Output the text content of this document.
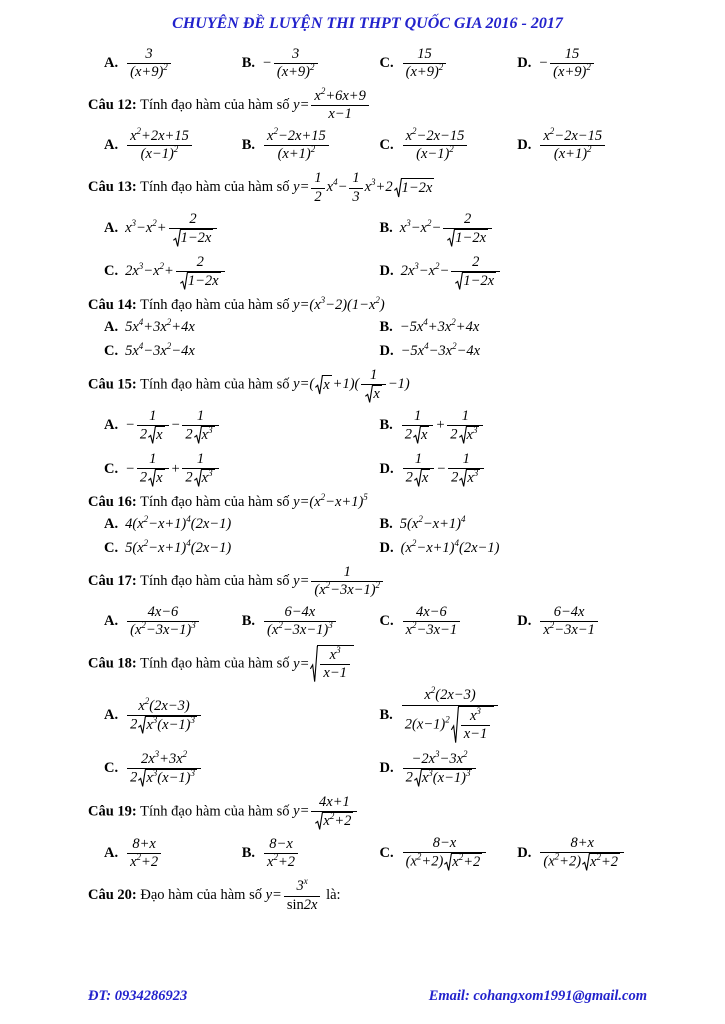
CHUYÊN ĐỀ LUYỆN THI THPT QUỐC GIA 2016 - 2017
A. $\frac{3}{(x+9)^2}$	B. − $\frac{3}{(x+9)^2}$	C. $\frac{15}{(x+9)^2}$	D. − $\frac{15}{(x+9)^2}$
Câu 12: Tính đạo hàm của hàm số $y= \frac{x^2+6x+9}{x-1}$
A. $\frac{x^2+2x+15}{(x-1)^2}$	B. $\frac{x^2-2x+15}{(x+1)^2}$	C. $\frac{x^2-2x-15}{(x-1)^2}$	D. $\frac{x^2-2x-15}{(x+1)^2}$
Câu 13: Tính đạo hàm của hàm số $y= \frac{1}{2} x^4- \frac{1}{3} x^3+2$ 1−2x
A. $x^3-x^2+ \frac{2}{1-2x}$	B. $x^3-x^2- \frac{2}{1-2x}$
C. $2x^3-x^2+ \frac{2}{1-2x}$	D. $2x^3-x^2- \frac{2}{1-2x}$
Câu 14: Tính đạo hàm của hàm số $y=(x^3-2)(1-x^2)$
A. $5x^4+3x^2+4x$	B. $-5x^4+3x^2+4x$
C. $5x^4-3x^2-4x$	D. $-5x^4-3x^2-4x$
Câu 15: Tính đạo hàm của hàm số y=( $x +1)( \frac{1}{x} -1)$
A. − $\frac{1}{2 x} - \frac{1}{2 x^3}$	B. $\frac{1}{2 x} + \frac{1}{2 x^3}$
C. − $\frac{1}{2 x} + \frac{1}{2 x^3}$	D. $\frac{1}{2 x} - \frac{1}{2 x^3}$
Câu 16: Tính đạo hàm của hàm số $y=(x^2-x+1)^5$
A. $4(x^2-x+1)^4(2x-1)$	B. $5(x^2-x+1)^4$
C. $5(x^2-x+1)^4(2x-1)$	D. $(x^2-x+1)^4(2x-1)$
Câu 17: Tính đạo hàm của hàm số $y= \frac{1}{(x^2-3x-1)^2}$
A. $\frac{4x-6}{(x^2-3x-1)^3}$	B. $\frac{6-4x}{(x^2-3x-1)^3}$	C. $\frac{4x-6}{x^2-3x-1}$	D. $\frac{6-4x}{x^2-3x-1}$
Câu 18: Tính đạo hàm của hàm số $y= \frac{x^3}{x-1}$
A. $\frac{x^2(2x-3)}{2 x^3(x-1)^3}$	B. $\frac{x^2(2x-3)}{2(x-1)^2 \frac{x^3}{x-1}}$
C. $\frac{2x^3+3x^2}{2 x^3(x-1)^3}$	D. $\frac{-2x^3-3x^2}{2 x^3(x-1)^3}$
Câu 19: Tính đạo hàm của hàm số $y= \frac{4x+1}{x^2+2}$
A. $\frac{8+x}{x^2+2}$	B. $\frac{8-x}{x^2+2}$	C. $\frac{8-x}{(x^2+2) x^2+2} D$. $\frac{8+x}{(x^2+2) x^2+2}$
Câu 20: Đạo hàm của hàm số $y= \frac{3^x}{\sin 2x}$ là:
ĐT: 0934286923	Email: cohangxom1991@gmail.com
